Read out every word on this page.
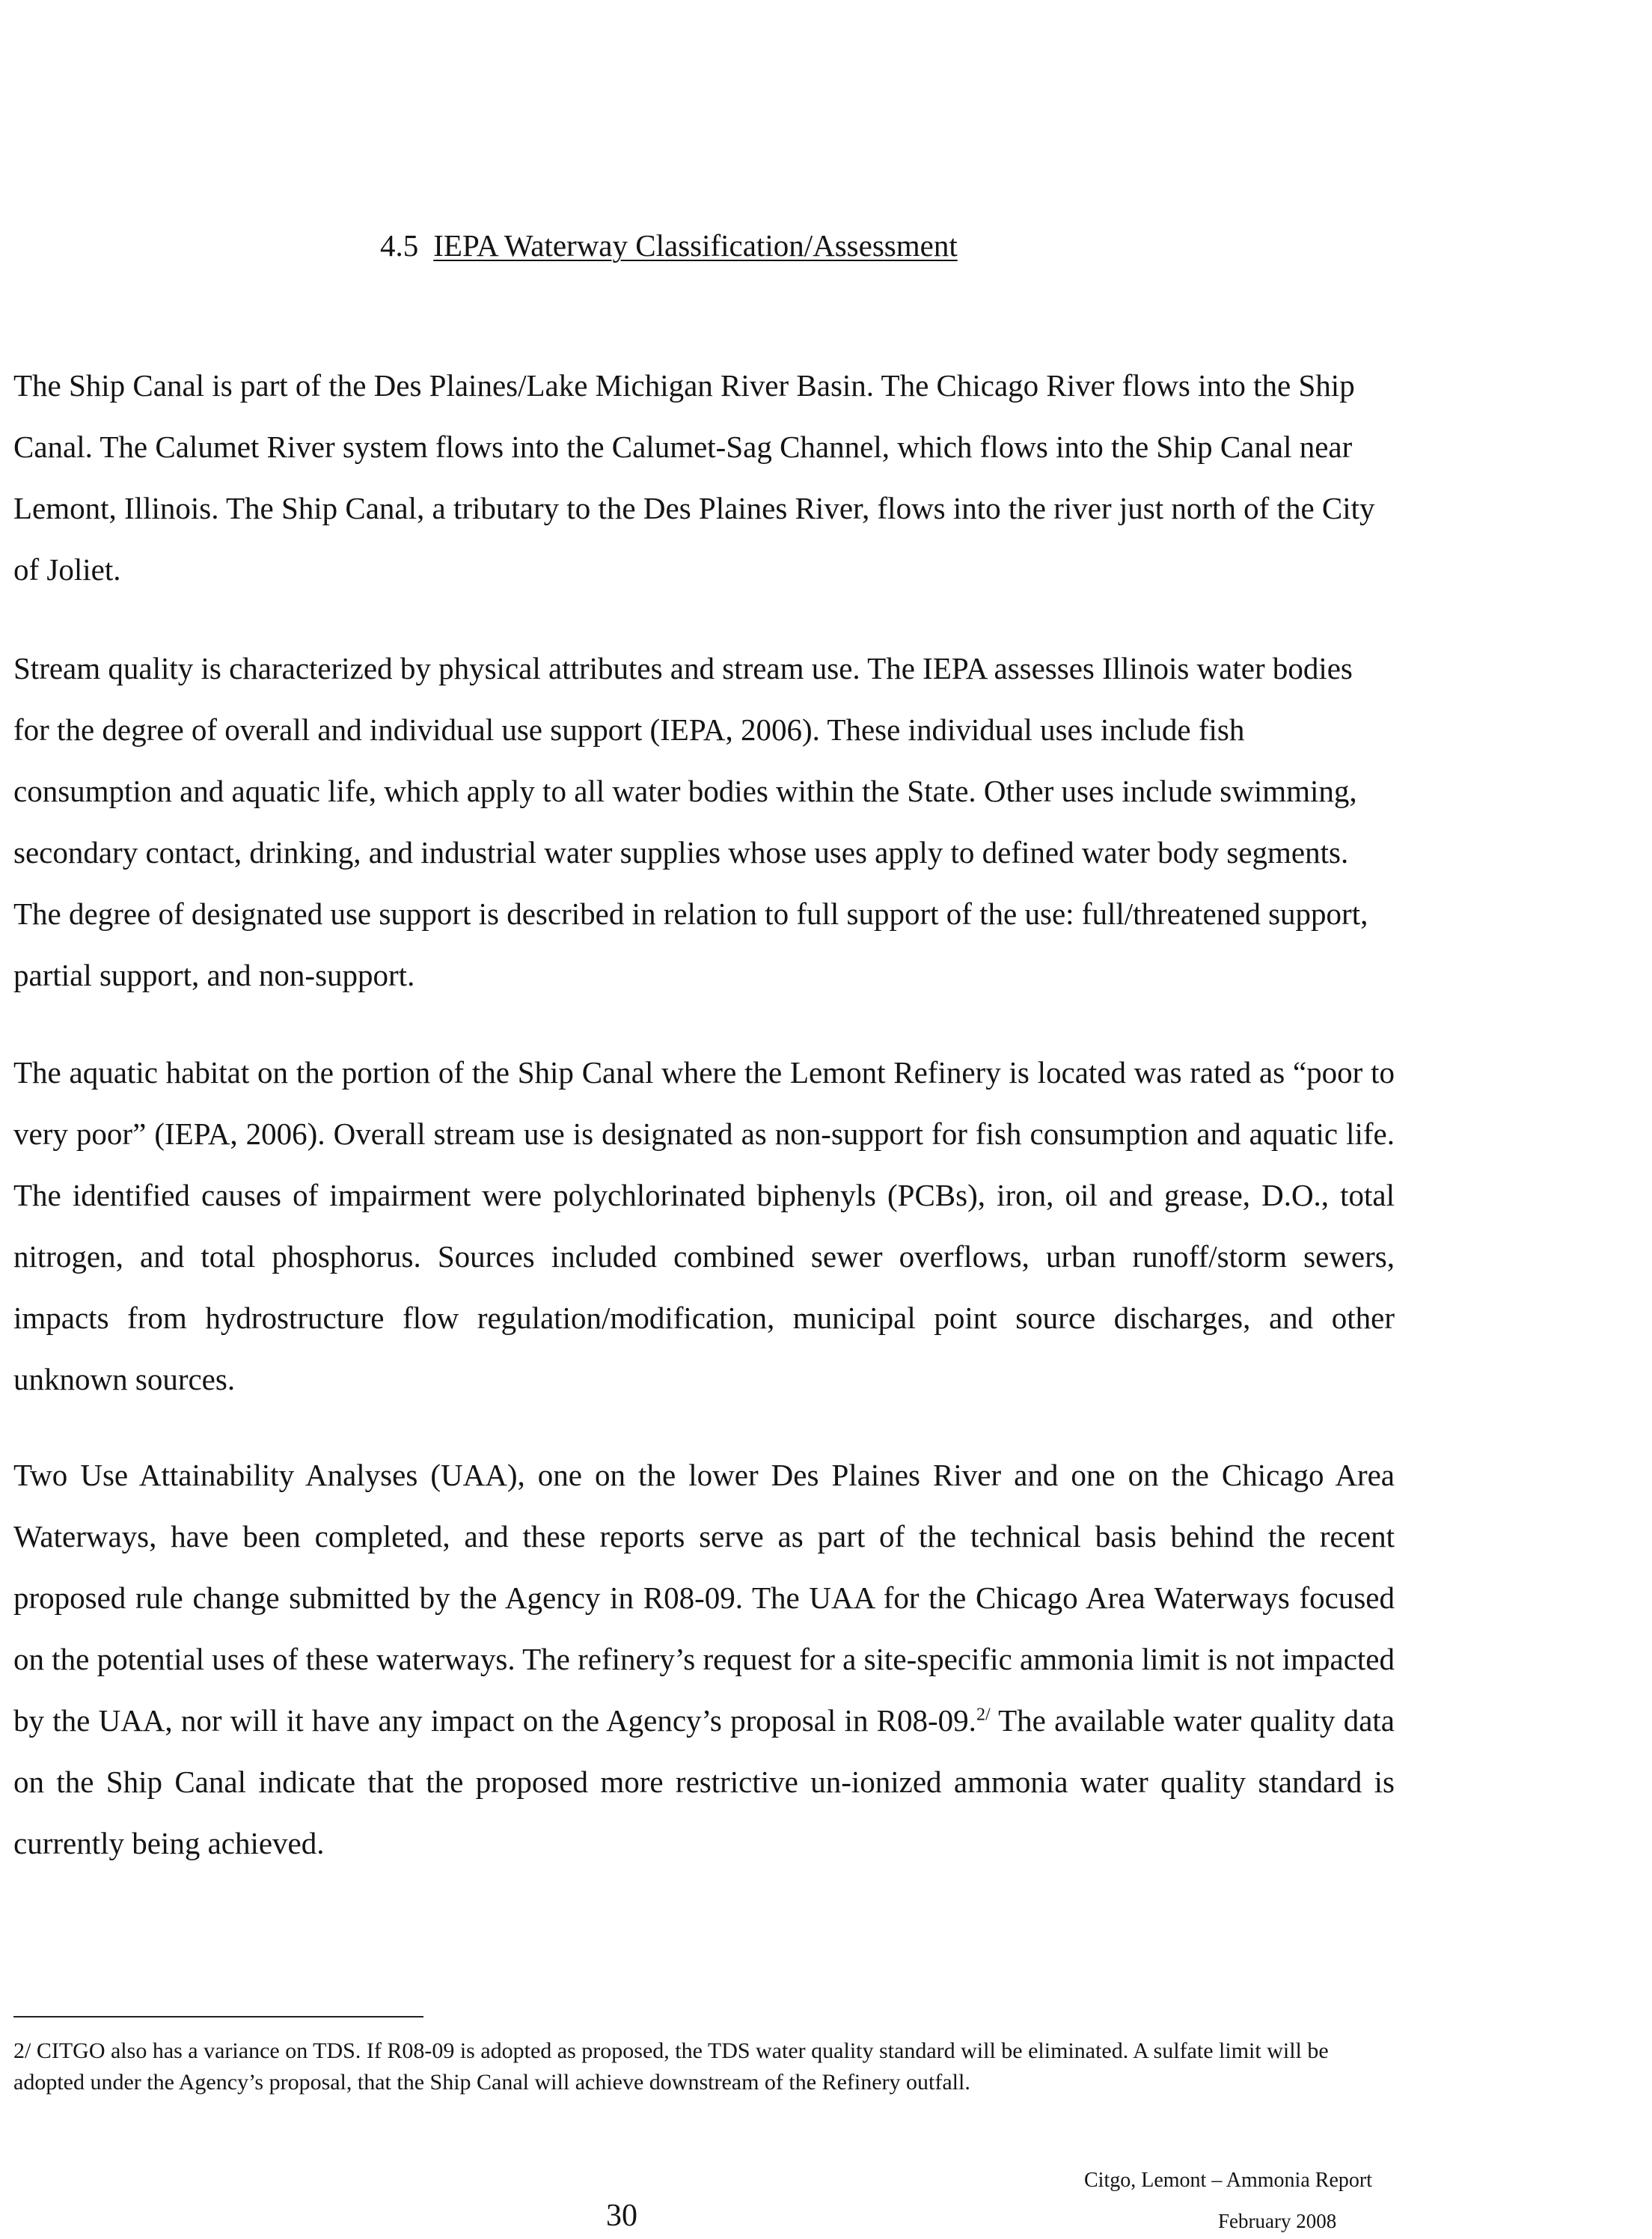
4.5 IEPA Waterway Classification/Assessment

The Ship Canal is part of the Des Plaines/Lake Michigan River Basin. The Chicago River flows into the Ship Canal. The Calumet River system flows into the Calumet-Sag Channel, which flows into the Ship Canal near Lemont, Illinois. The Ship Canal, a tributary to the Des Plaines River, flows into the river just north of the City of Joliet.

Stream quality is characterized by physical attributes and stream use. The IEPA assesses Illinois water bodies for the degree of overall and individual use support (IEPA, 2006). These individual uses include fish consumption and aquatic life, which apply to all water bodies within the State. Other uses include swimming, secondary contact, drinking, and industrial water supplies whose uses apply to defined water body segments. The degree of designated use support is described in relation to full support of the use: full/threatened support, partial support, and non-support.

The aquatic habitat on the portion of the Ship Canal where the Lemont Refinery is located was rated as “poor to very poor” (IEPA, 2006). Overall stream use is designated as non-support for fish consumption and aquatic life. The identified causes of impairment were polychlorinated biphenyls (PCBs), iron, oil and grease, D.O., total nitrogen, and total phosphorus. Sources included combined sewer overflows, urban runoff/storm sewers, impacts from hydrostructure flow regulation/modification, municipal point source discharges, and other unknown sources.

Two Use Attainability Analyses (UAA), one on the lower Des Plaines River and one on the Chicago Area Waterways, have been completed, and these reports serve as part of the technical basis behind the recent proposed rule change submitted by the Agency in R08-09. The UAA for the Chicago Area Waterways focused on the potential uses of these waterways. The refinery’s request for a site-specific ammonia limit is not impacted by the UAA, nor will it have any impact on the Agency’s proposal in R08-09.$^{2/}$ The available water quality data on the Ship Canal indicate that the proposed more restrictive un-ionized ammonia water quality standard is currently being achieved.

2/ CITGO also has a variance on TDS. If R08-09 is adopted as proposed, the TDS water quality standard will be eliminated. A sulfate limit will be adopted under the Agency’s proposal, that the Ship Canal will achieve downstream of the Refinery outfall.

30
Citgo, Lemont – Ammonia Report
February 2008
